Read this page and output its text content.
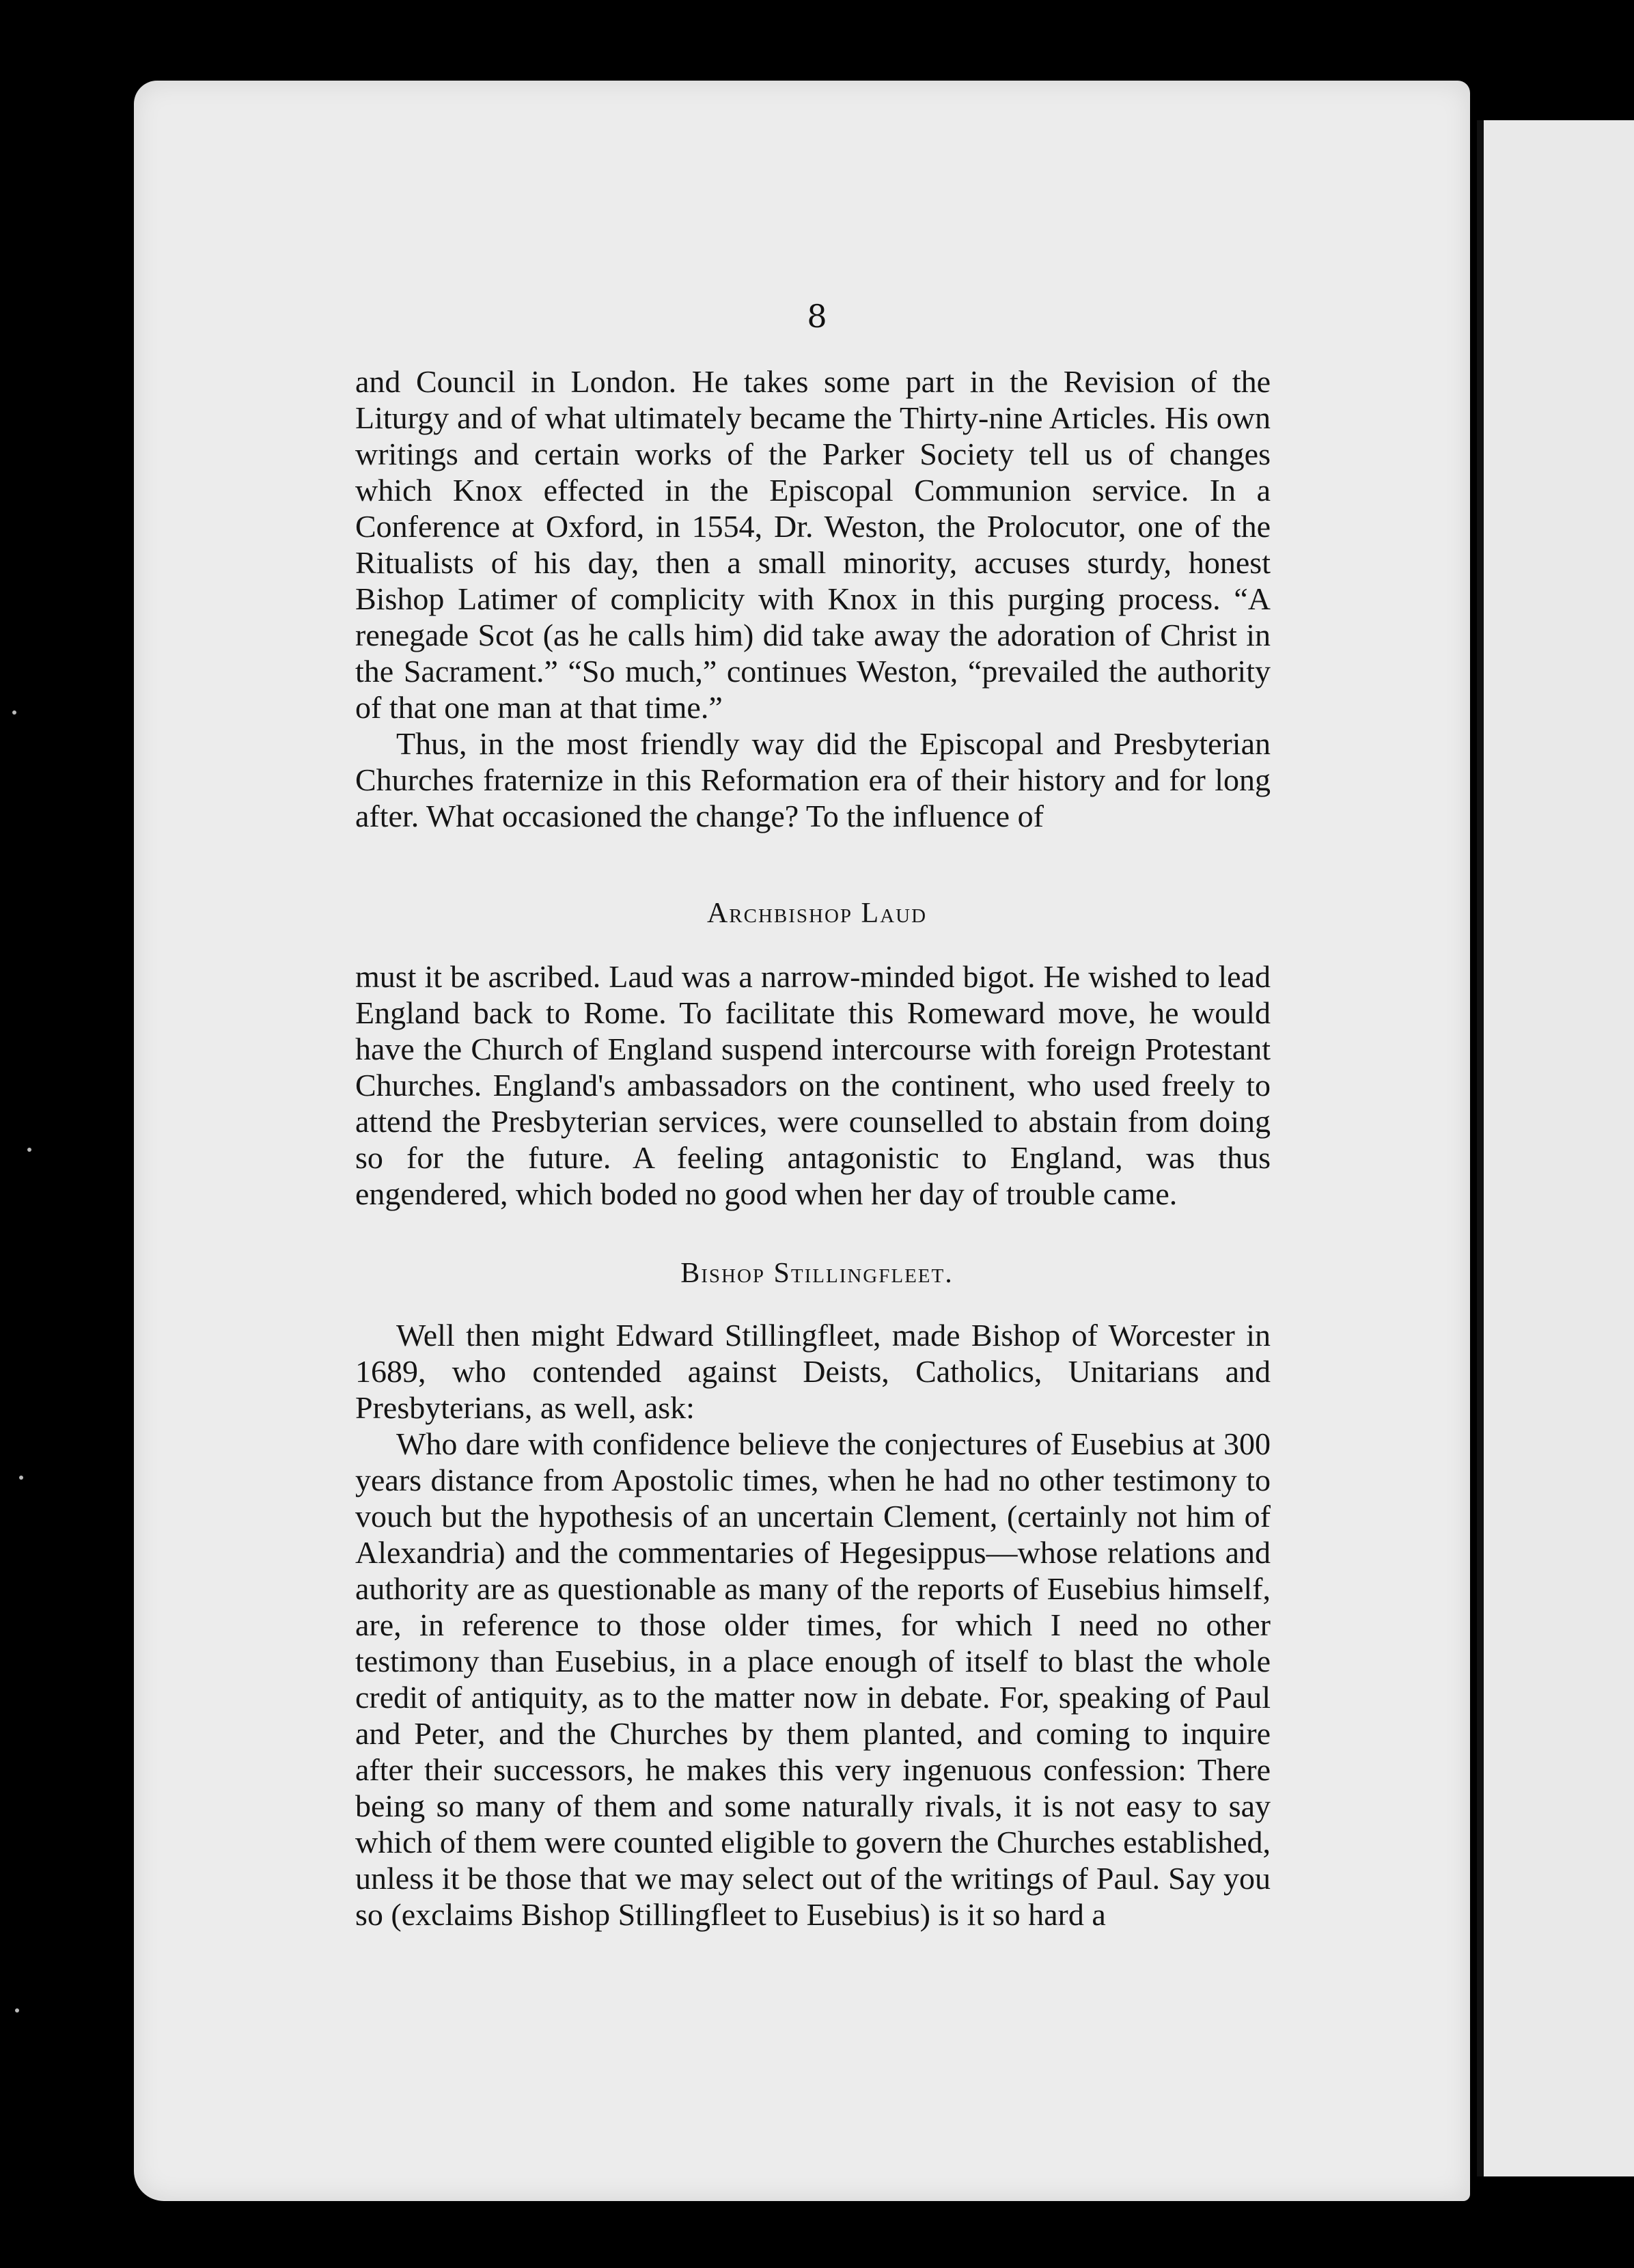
8

and Council in London. He takes some part in the Revision of the Liturgy and of what ultimately became the Thirty-nine Articles. His own writings and certain works of the Parker Society tell us of changes which Knox effected in the Episcopal Communion service. In a Conference at Oxford, in 1554, Dr. Weston, the Prolocutor, one of the Ritualists of his day, then a small minority, accuses sturdy, honest Bishop Latimer of complicity with Knox in this purging process. “A renegade Scot (as he calls him) did take away the adoration of Christ in the Sacrament.” “So much,” continues Weston, “prevailed the authority of that one man at that time.”

Thus, in the most friendly way did the Episcopal and Presbyterian Churches fraternize in this Reformation era of their history and for long after. What occasioned the change? To the influence of

Archbishop Laud

must it be ascribed. Laud was a narrow-minded bigot. He wished to lead England back to Rome. To facilitate this Romeward move, he would have the Church of England suspend intercourse with foreign Protestant Churches. England's ambassadors on the continent, who used freely to attend the Presbyterian services, were counselled to abstain from doing so for the future. A feeling antagonistic to England, was thus engendered, which boded no good when her day of trouble came.

Bishop Stillingfleet.

Well then might Edward Stillingfleet, made Bishop of Worcester in 1689, who contended against Deists, Catholics, Unitarians and Presbyterians, as well, ask:

Who dare with confidence believe the conjectures of Eusebius at 300 years distance from Apostolic times, when he had no other testimony to vouch but the hypothesis of an uncertain Clement, (certainly not him of Alexandria) and the commentaries of Hegesippus—whose relations and authority are as questionable as many of the reports of Eusebius himself, are, in reference to those older times, for which I need no other testimony than Eusebius, in a place enough of itself to blast the whole credit of antiquity, as to the matter now in debate. For, speaking of Paul and Peter, and the Churches by them planted, and coming to inquire after their successors, he makes this very ingenuous confession: There being so many of them and some naturally rivals, it is not easy to say which of them were counted eligible to govern the Churches established, unless it be those that we may select out of the writings of Paul. Say you so (exclaims Bishop Stillingfleet to Eusebius) is it so hard a
